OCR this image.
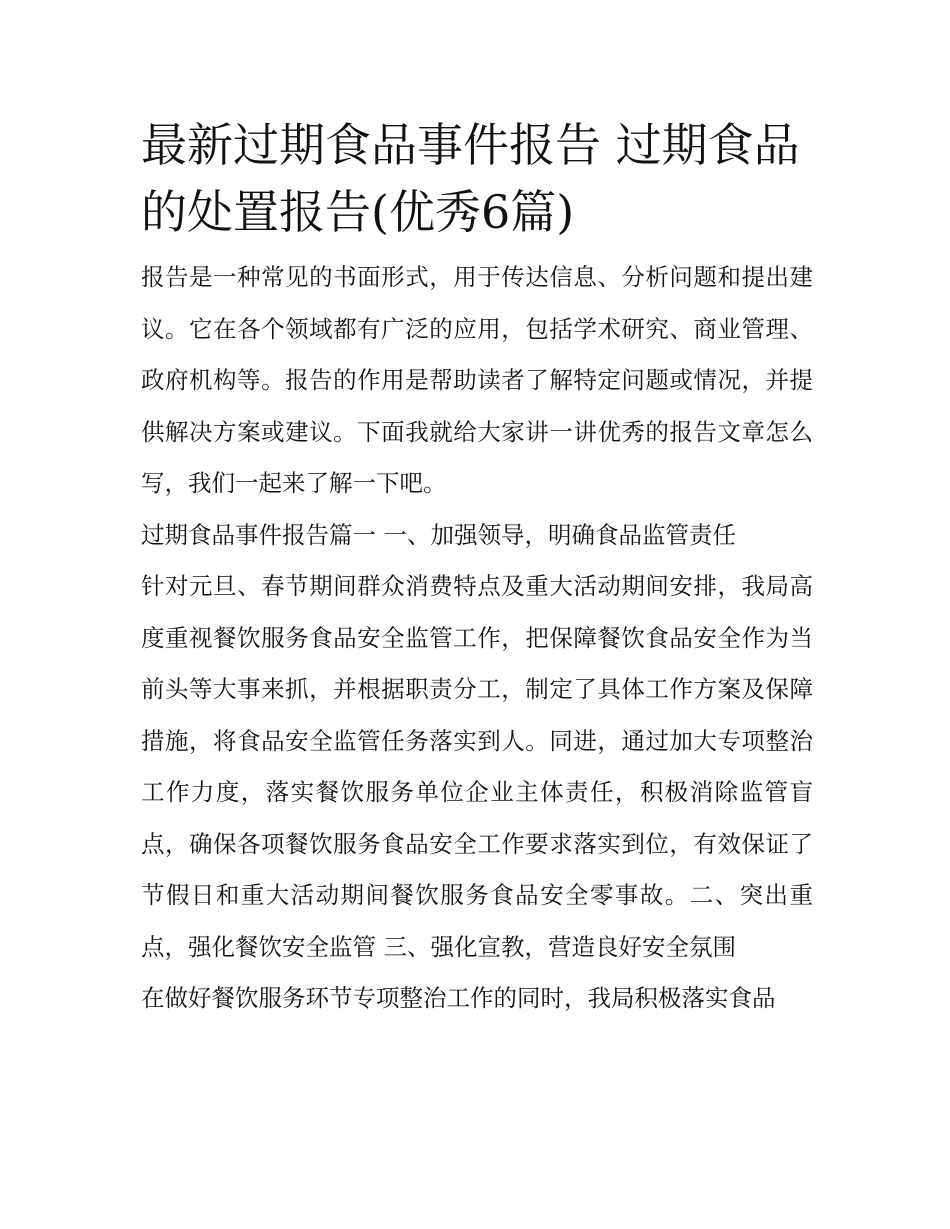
最新过期食品事件报告 过期食品的处置报告(优秀6篇)

报告是一种常见的书面形式，用于传达信息、分析问题和提出建议。它在各个领域都有广泛的应用，包括学术研究、商业管理、政府机构等。报告的作用是帮助读者了解特定问题或情况，并提供解决方案或建议。下面我就给大家讲一讲优秀的报告文章怎么写，我们一起来了解一下吧。

过期食品事件报告篇一 一、加强领导，明确食品监管责任

针对元旦、春节期间群众消费特点及重大活动期间安排，我局高度重视餐饮服务食品安全监管工作，把保障餐饮食品安全作为当前头等大事来抓，并根据职责分工，制定了具体工作方案及保障措施，将食品安全监管任务落实到人。同进，通过加大专项整治工作力度，落实餐饮服务单位企业主体责任，积极消除监管盲点，确保各项餐饮服务食品安全工作要求落实到位，有效保证了节假日和重大活动期间餐饮服务食品安全零事故。二、突出重点，强化餐饮安全监管 三、强化宣教，营造良好安全氛围

在做好餐饮服务环节专项整治工作的同时，我局积极落实食品
